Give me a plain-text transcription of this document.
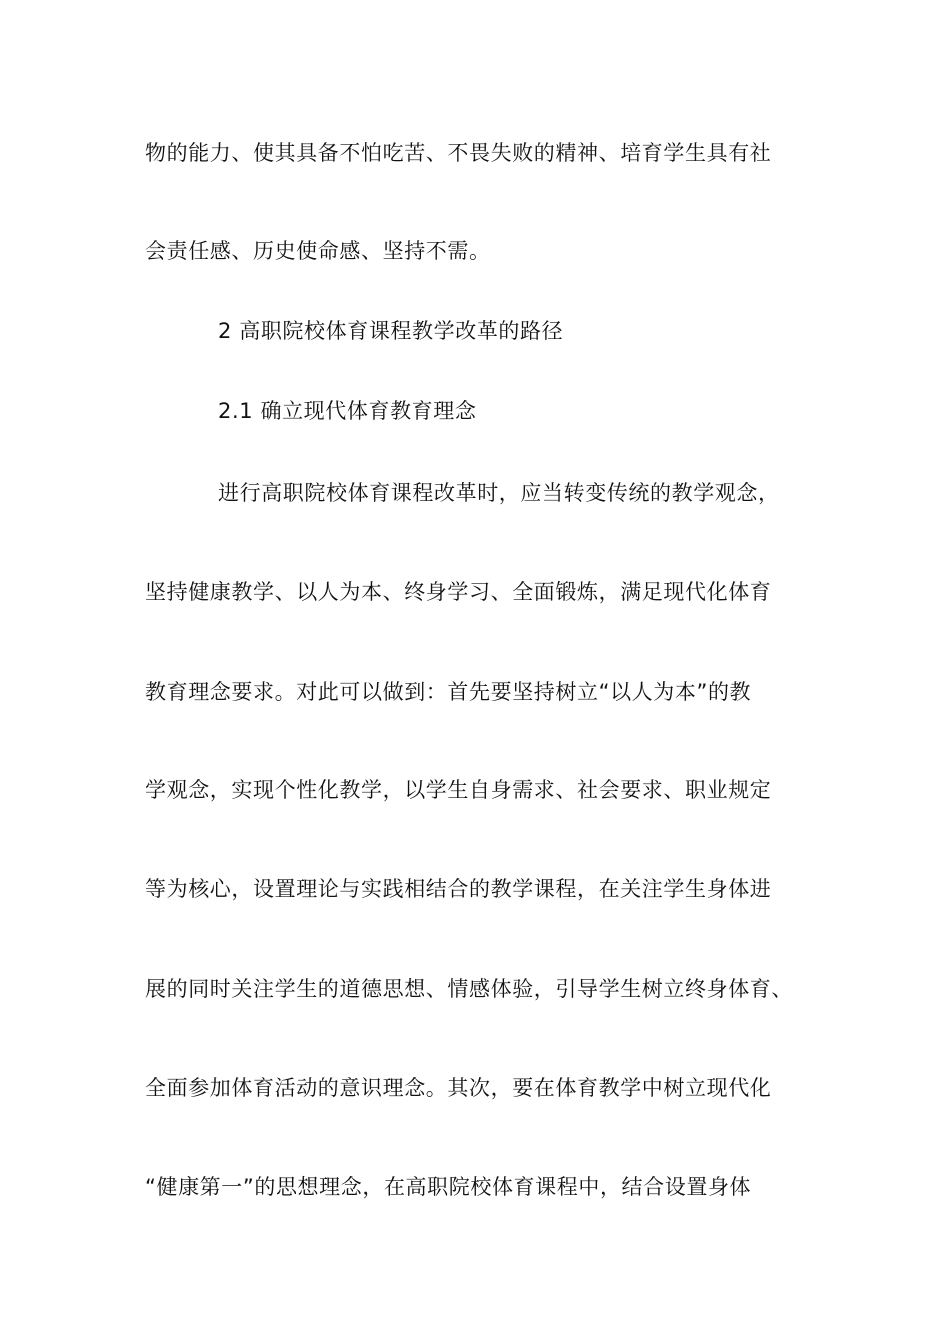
物的能力、使其具备不怕吃苦、不畏失败的精神、培育学生具有社
会责任感、历史使命感、坚持不需。
2 高职院校体育课程教学改革的路径
2.1 确立现代体育教育理念
进行高职院校体育课程改革时，应当转变传统的教学观念，
坚持健康教学、以人为本、终身学习、全面锻炼，满足现代化体育
教育理念要求。对此可以做到：首先要坚持树立“以人为本”的教
学观念，实现个性化教学，以学生自身需求、社会要求、职业规定
等为核心，设置理论与实践相结合的教学课程，在关注学生身体进
展的同时关注学生的道德思想、情感体验，引导学生树立终身体育、
全面参加体育活动的意识理念。其次，要在体育教学中树立现代化
“健康第一”的思想理念，在高职院校体育课程中，结合设置身体
